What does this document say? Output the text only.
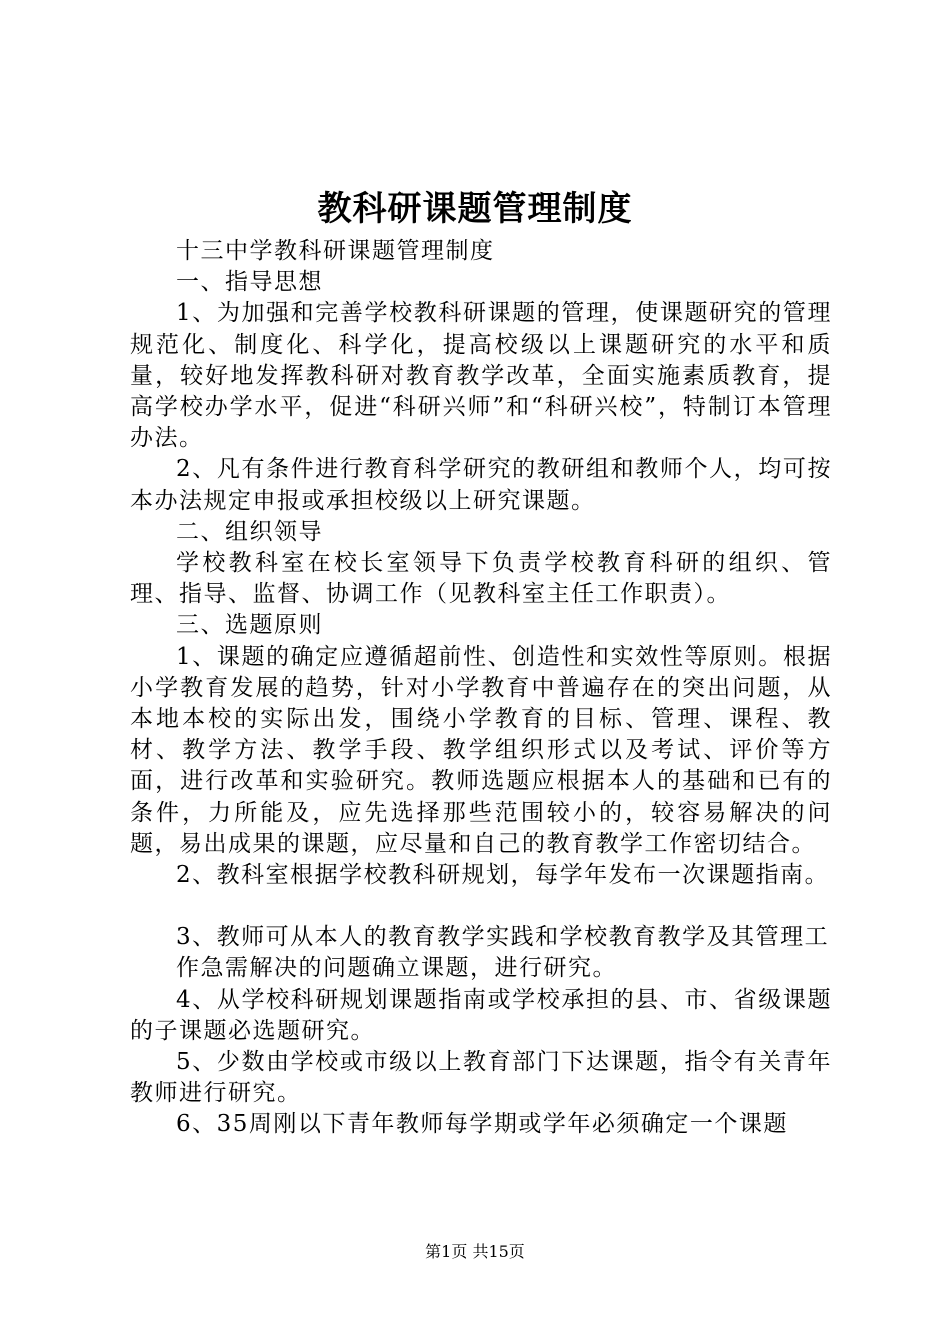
教科研课题管理制度

十三中学教科研课题管理制度

一、指导思想

1、为加强和完善学校教科研课题的管理，使课题研究的管理规范化、制度化、科学化，提高校级以上课题研究的水平和质量，较好地发挥教科研对教育教学改革，全面实施素质教育，提高学校办学水平，促进“科研兴师”和“科研兴校”，特制订本管理办法。

2、凡有条件进行教育科学研究的教研组和教师个人，均可按本办法规定申报或承担校级以上研究课题。

二、组织领导

学校教科室在校长室领导下负责学校教育科研的组织、管理、指导、监督、协调工作（见教科室主任工作职责）。

三、选题原则

1、课题的确定应遵循超前性、创造性和实效性等原则。根据小学教育发展的趋势，针对小学教育中普遍存在的突出问题，从本地本校的实际出发，围绕小学教育的目标、管理、课程、教材、教学方法、教学手段、教学组织形式以及考试、评价等方面，进行改革和实验研究。教师选题应根据本人的基础和已有的条件，力所能及，应先选择那些范围较小的，较容易解决的问题，易出成果的课题，应尽量和自己的教育教学工作密切结合。

2、教科室根据学校教科研规划，每学年发布一次课题指南。

3、教师可从本人的教育教学实践和学校教育教学及其管理工

作急需解决的问题确立课题，进行研究。

4、从学校科研规划课题指南或学校承担的县、市、省级课题的子课题必选题研究。

5、少数由学校或市级以上教育部门下达课题，指令有关青年教师进行研究。

6、35周刚以下青年教师每学期或学年必须确定一个课题

第1页 共15页
